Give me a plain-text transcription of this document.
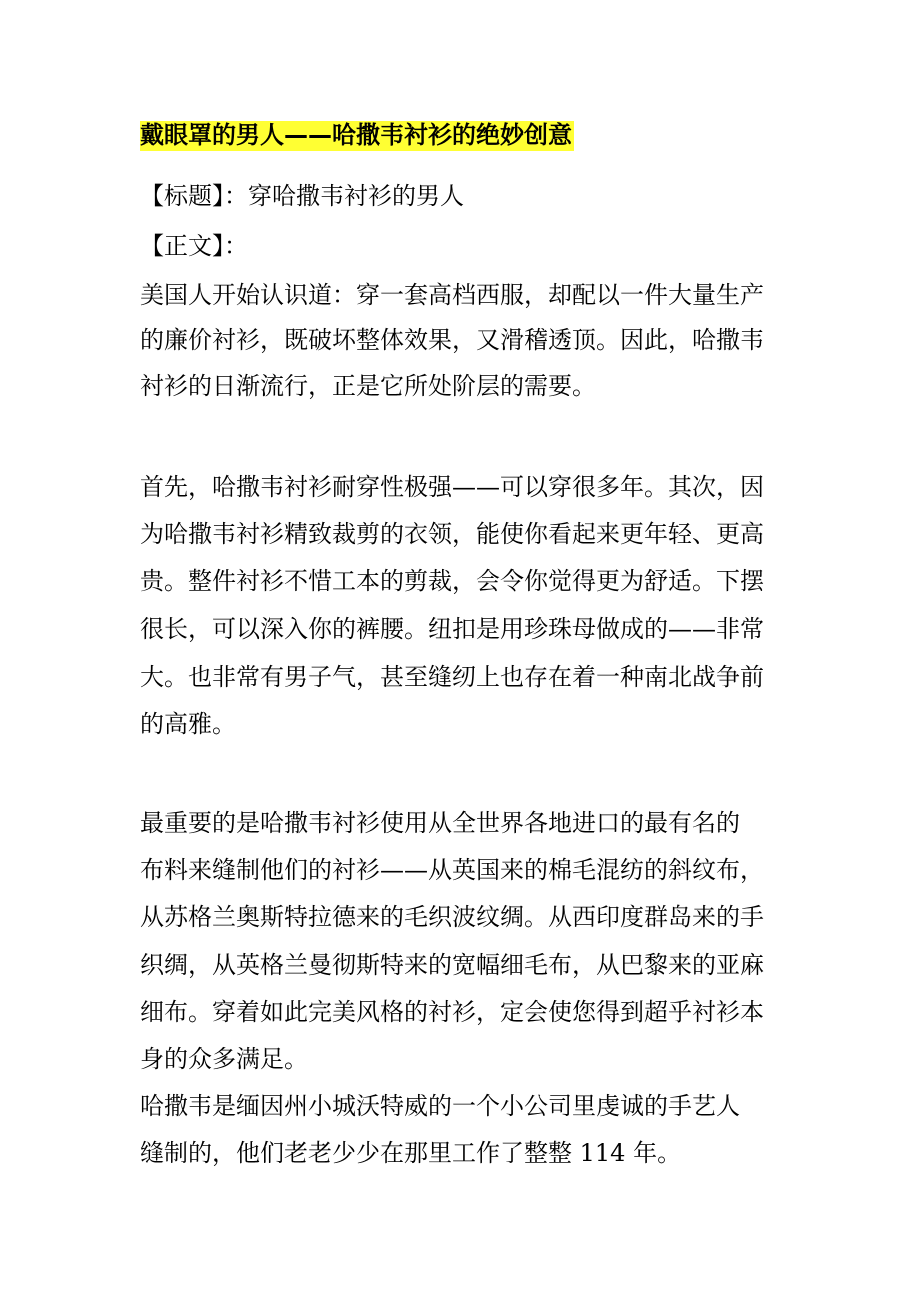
戴眼罩的男人——哈撒韦衬衫的绝妙创意
【标题】：穿哈撒韦衬衫的男人
【正文】：
美国人开始认识道：穿一套高档西服，却配以一件大量生产
的廉价衬衫，既破坏整体效果，又滑稽透顶。因此，哈撒韦
衬衫的日渐流行，正是它所处阶层的需要。
首先，哈撒韦衬衫耐穿性极强——可以穿很多年。其次，因
为哈撒韦衬衫精致裁剪的衣领，能使你看起来更年轻、更高
贵。整件衬衫不惜工本的剪裁，会令你觉得更为舒适。下摆
很长，可以深入你的裤腰。纽扣是用珍珠母做成的——非常
大。也非常有男子气，甚至缝纫上也存在着一种南北战争前
的高雅。
最重要的是哈撒韦衬衫使用从全世界各地进口的最有名的
布料来缝制他们的衬衫——从英国来的棉毛混纺的斜纹布，
从苏格兰奥斯特拉德来的毛织波纹绸。从西印度群岛来的手
织绸，从英格兰曼彻斯特来的宽幅细毛布，从巴黎来的亚麻
细布。穿着如此完美风格的衬衫，定会使您得到超乎衬衫本
身的众多满足。
哈撒韦是缅因州小城沃特威的一个小公司里虔诚的手艺人
缝制的，他们老老少少在那里工作了整整 114 年。
